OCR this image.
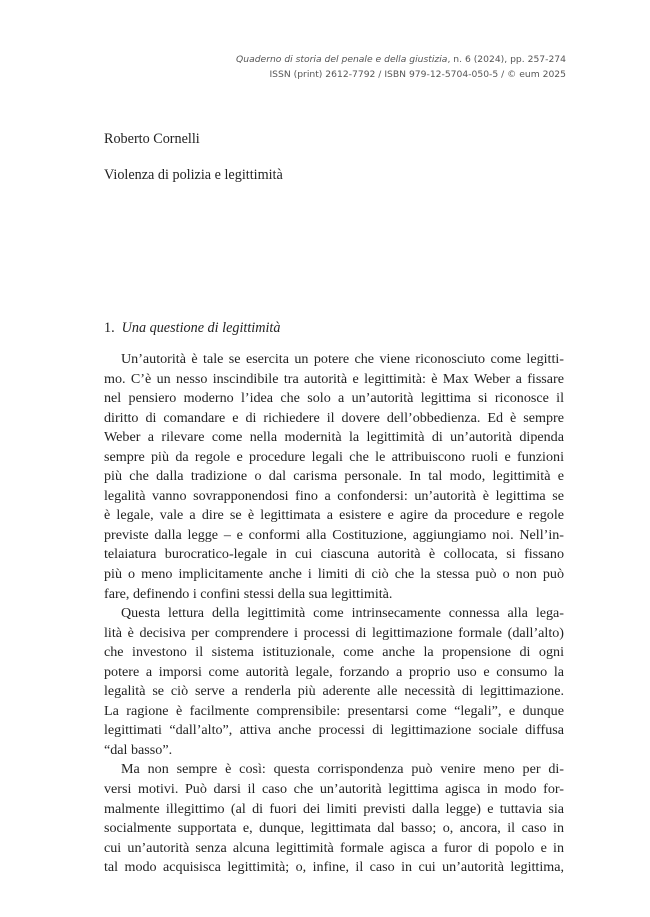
Quaderno di storia del penale e della giustizia, n. 6 (2024), pp. 257-274
ISSN (print) 2612-7792 / ISBN 979-12-5704-050-5 / © eum 2025
Roberto Cornelli
Violenza di polizia e legittimità
1. Una questione di legittimità
Un’autorità è tale se esercita un potere che viene riconosciuto come legitti-
mo. C’è un nesso inscindibile tra autorità e legittimità: è Max Weber a fissare
nel pensiero moderno l’idea che solo a un’autorità legittima si riconosce il
diritto di comandare e di richiedere il dovere dell’obbedienza. Ed è sempre
Weber a rilevare come nella modernità la legittimità di un’autorità dipenda
sempre più da regole e procedure legali che le attribuiscono ruoli e funzioni
più che dalla tradizione o dal carisma personale. In tal modo, legittimità e
legalità vanno sovrapponendosi fino a confondersi: un’autorità è legittima se
è legale, vale a dire se è legittimata a esistere e agire da procedure e regole
previste dalla legge – e conformi alla Costituzione, aggiungiamo noi. Nell’in-
telaiatura burocratico-legale in cui ciascuna autorità è collocata, si fissano
più o meno implicitamente anche i limiti di ciò che la stessa può o non può
fare, definendo i confini stessi della sua legittimità.
Questa lettura della legittimità come intrinsecamente connessa alla lega-
lità è decisiva per comprendere i processi di legittimazione formale (dall’alto)
che investono il sistema istituzionale, come anche la propensione di ogni
potere a imporsi come autorità legale, forzando a proprio uso e consumo la
legalità se ciò serve a renderla più aderente alle necessità di legittimazione.
La ragione è facilmente comprensibile: presentarsi come “legali”, e dunque
legittimati “dall’alto”, attiva anche processi di legittimazione sociale diffusa
“dal basso”.
Ma non sempre è così: questa corrispondenza può venire meno per di-
versi motivi. Può darsi il caso che un’autorità legittima agisca in modo for-
malmente illegittimo (al di fuori dei limiti previsti dalla legge) e tuttavia sia
socialmente supportata e, dunque, legittimata dal basso; o, ancora, il caso in
cui un’autorità senza alcuna legittimità formale agisca a furor di popolo e in
tal modo acquisisca legittimità; o, infine, il caso in cui un’autorità legittima,
